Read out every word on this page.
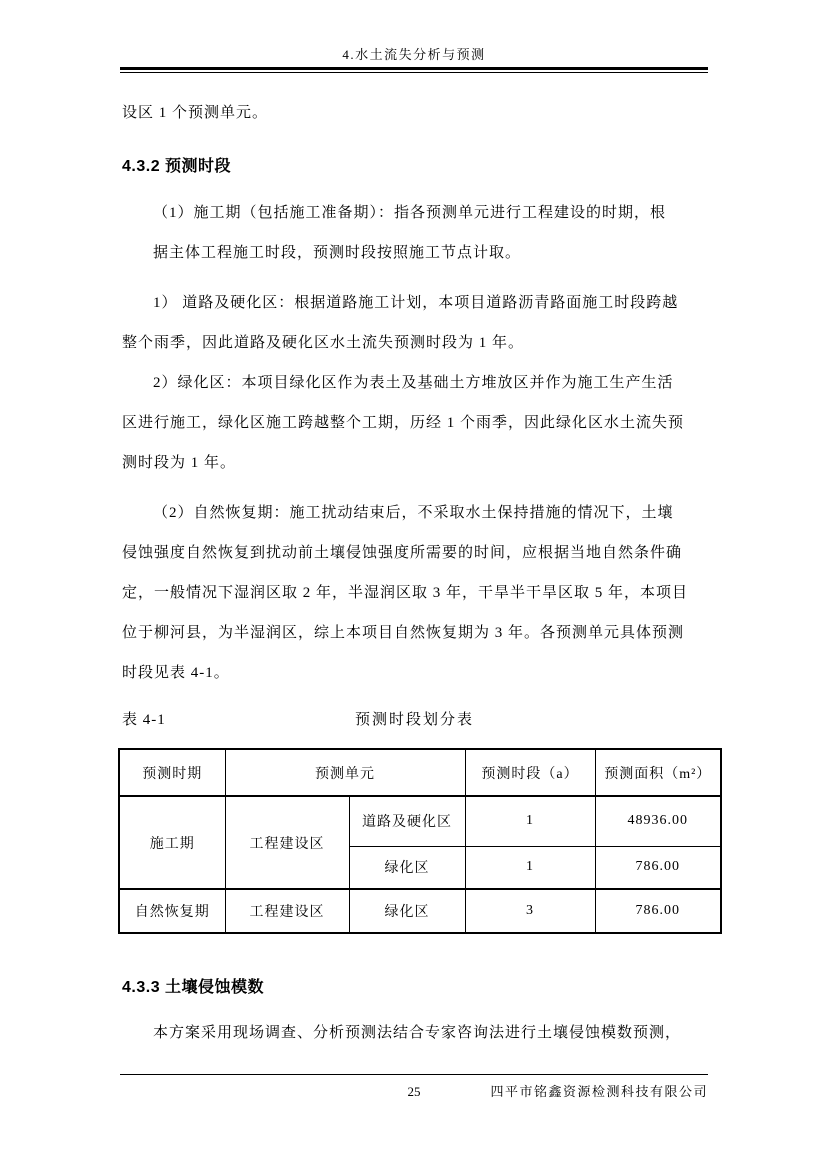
4.水土流失分析与预测
设区 1 个预测单元。
4.3.2 预测时段
（1）施工期（包括施工准备期）：指各预测单元进行工程建设的时期，根
据主体工程施工时段，预测时段按照施工节点计取。
1） 道路及硬化区：根据道路施工计划，本项目道路沥青路面施工时段跨越
整个雨季，因此道路及硬化区水土流失预测时段为 1 年。
2）绿化区：本项目绿化区作为表土及基础土方堆放区并作为施工生产生活
区进行施工，绿化区施工跨越整个工期，历经 1 个雨季，因此绿化区水土流失预
测时段为 1 年。
（2）自然恢复期：施工扰动结束后，不采取水土保持措施的情况下，土壤
侵蚀强度自然恢复到扰动前土壤侵蚀强度所需要的时间，应根据当地自然条件确
定，一般情况下湿润区取 2 年，半湿润区取 3 年，干旱半干旱区取 5 年，本项目
位于柳河县，为半湿润区，综上本项目自然恢复期为 3 年。各预测单元具体预测
时段见表 4-1。
表 4-1	预测时段划分表
预测时期	预测单元		预测时段（a）	预测面积（m²）
施工期	工程建设区	道路及硬化区	1	48936.00
		绿化区	1	786.00
自然恢复期	工程建设区	绿化区	3	786.00
4.3.3 土壤侵蚀模数
本方案采用现场调查、分析预测法结合专家咨询法进行土壤侵蚀模数预测，
25	四平市铭鑫资源检测科技有限公司
